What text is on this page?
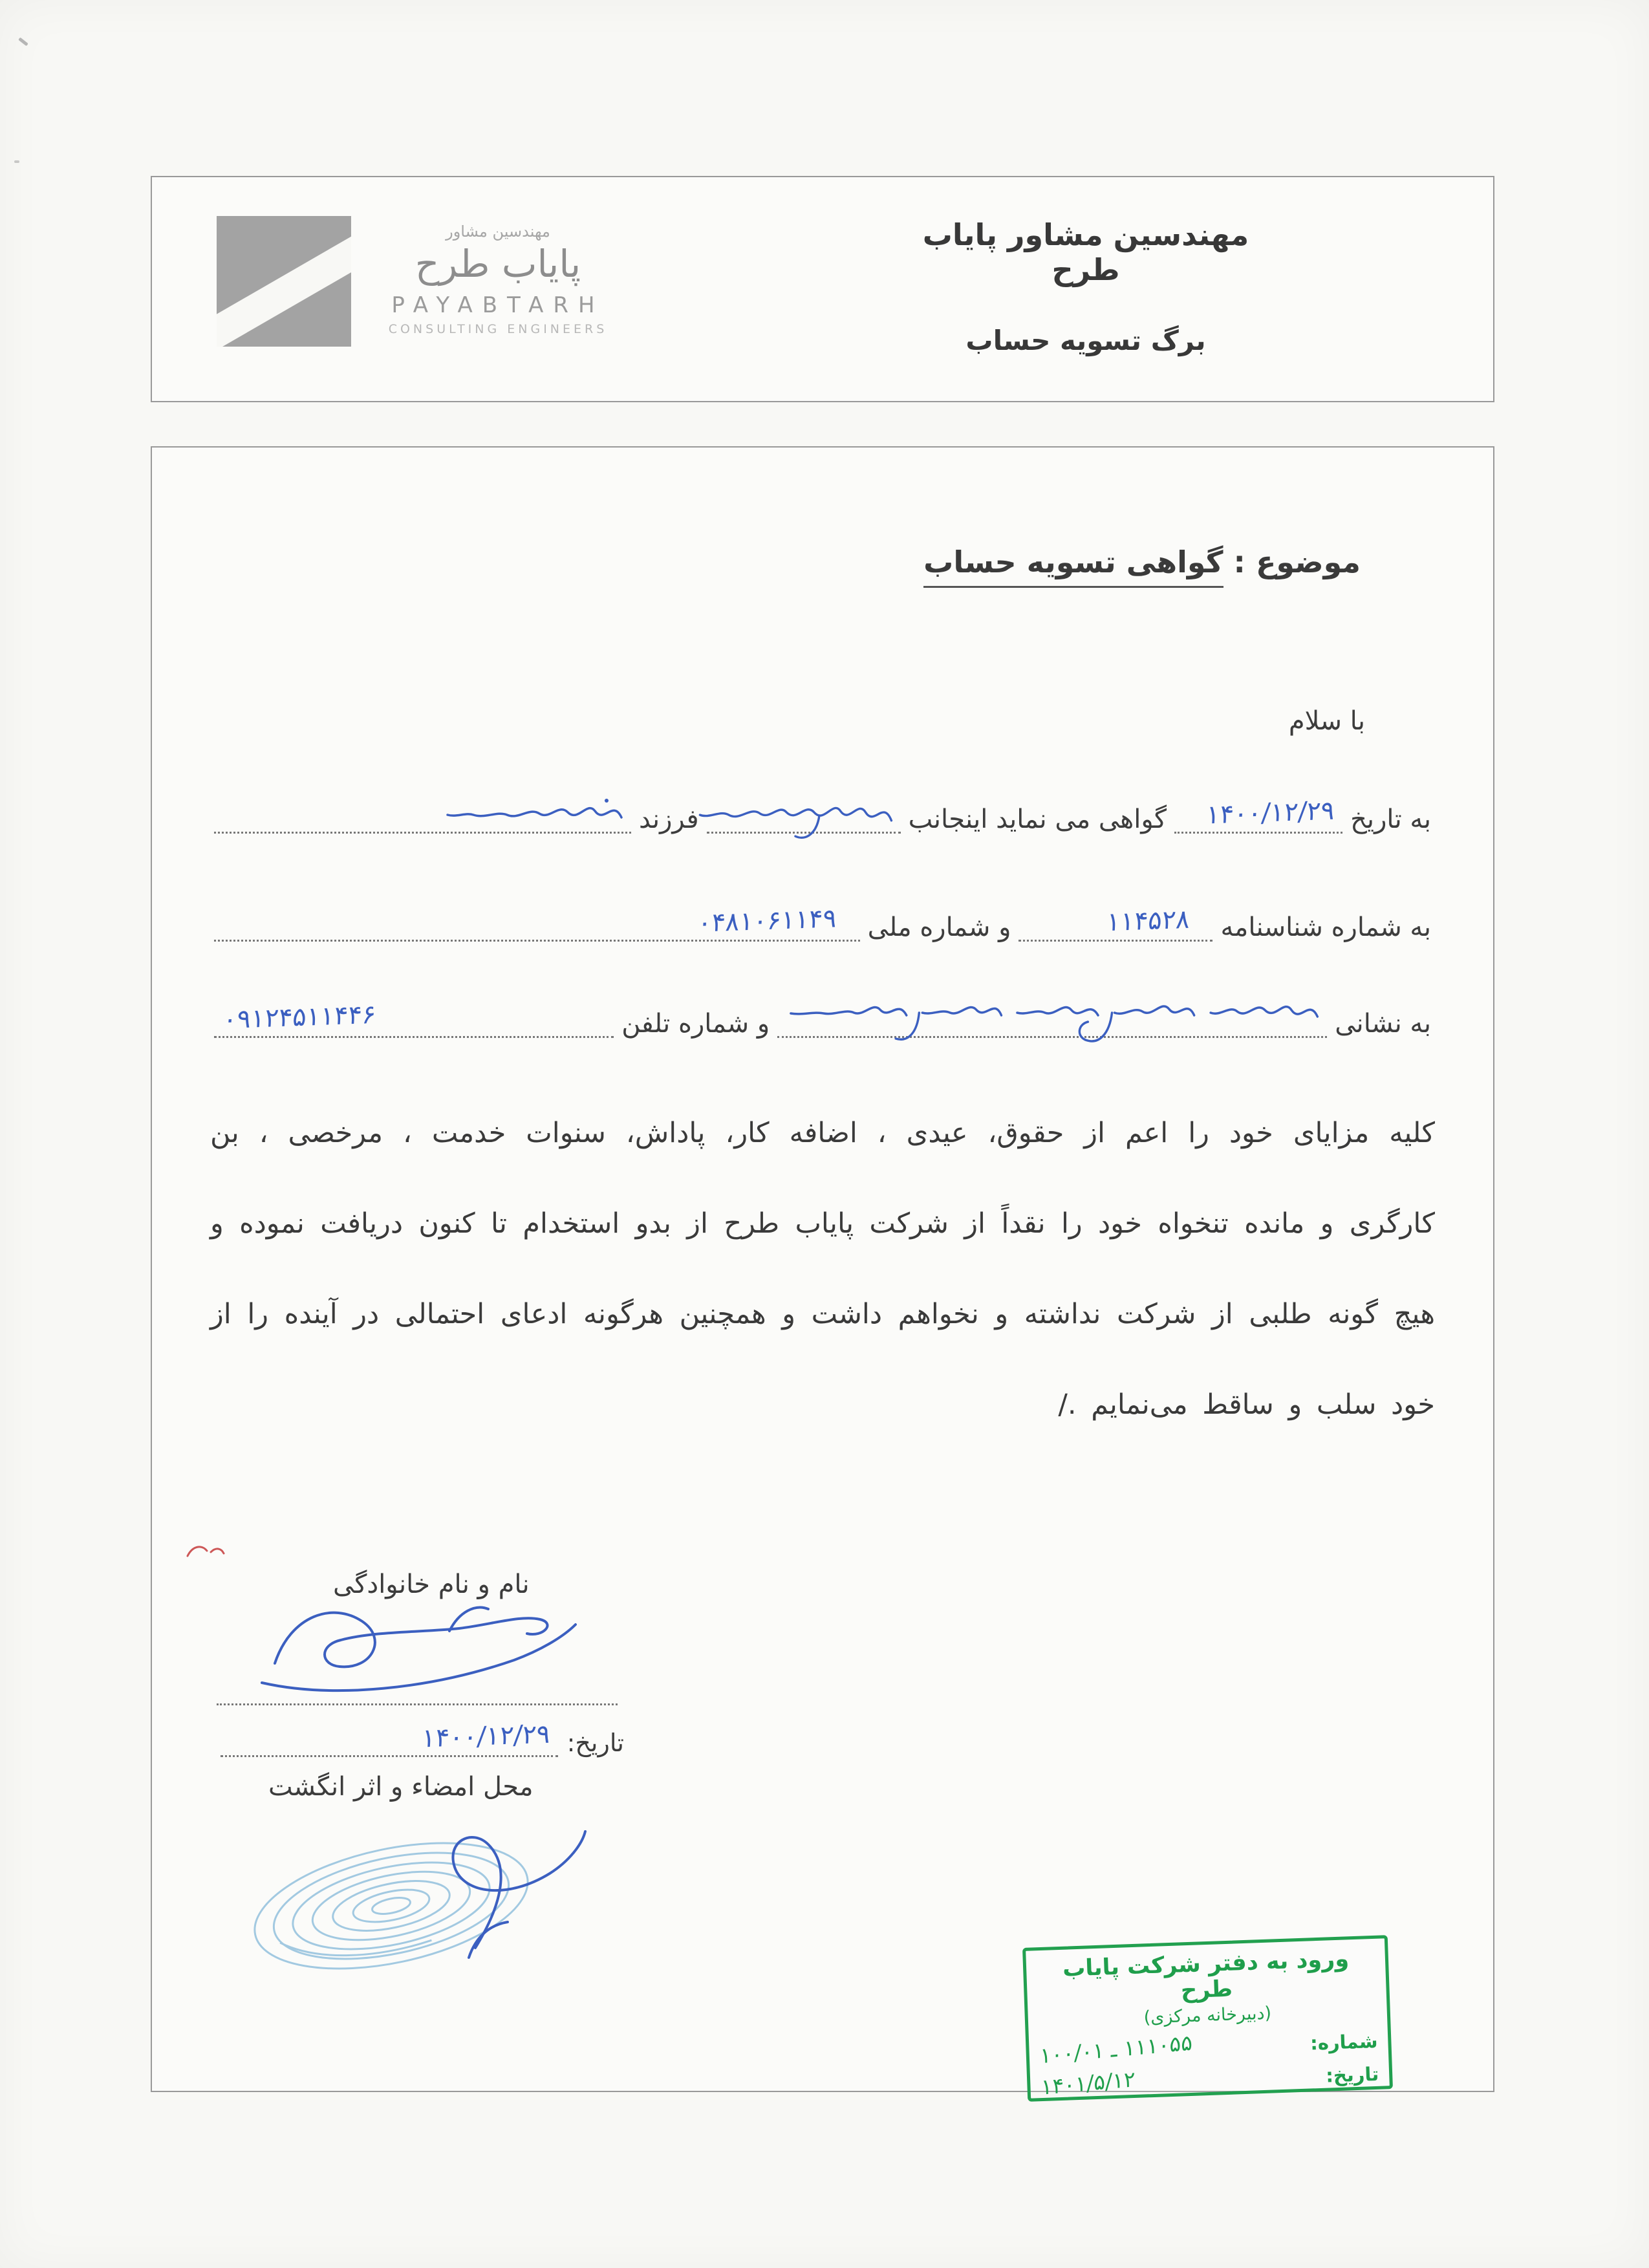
مهندسین مشاور
پایاب طرح
PAYABTARH
CONSULTING ENGINEERS
مهندسین مشاور پایاب طرح
برگ تسویه حساب
موضوع : گواهی تسویه حساب
با سلام
به تاریخ
۱۴۰۰/۱۲/۲۹
گواهی می نماید اینجانب
فرزند
به شماره شناسنامه
۱۱۴۵۲۸
و شماره ملی
۰۴۸۱۰۶۱۱۴۹
به نشانی
و شماره تلفن
۰۹۱۲۴۵۱۱۴۴۶
کلیه مزایای خود را اعم از حقوق، عیدی ، اضافه کار، پاداش، سنوات خدمت ، مرخصی ، بن کارگری و مانده تنخواه خود را نقداً از شرکت پایاب طرح از بدو استخدام تا کنون دریافت نموده و هیچ گونه طلبی از شرکت نداشته و نخواهم داشت و همچنین هرگونه ادعای احتمالی در آینده را از خود سلب و ساقط می‌نمایم ./
نام و نام خانوادگی
تاریخ:
۱۴۰۰/۱۲/۲۹
محل امضاء و اثر انگشت
ورود به دفتر شرکت پایاب طرح
(دبیرخانه مرکزی)
شماره:
۱۱۱۰۵۵ ـ ۱۰۰/۰۱
تاریخ:
۱۴۰۱/۵/۱۲
